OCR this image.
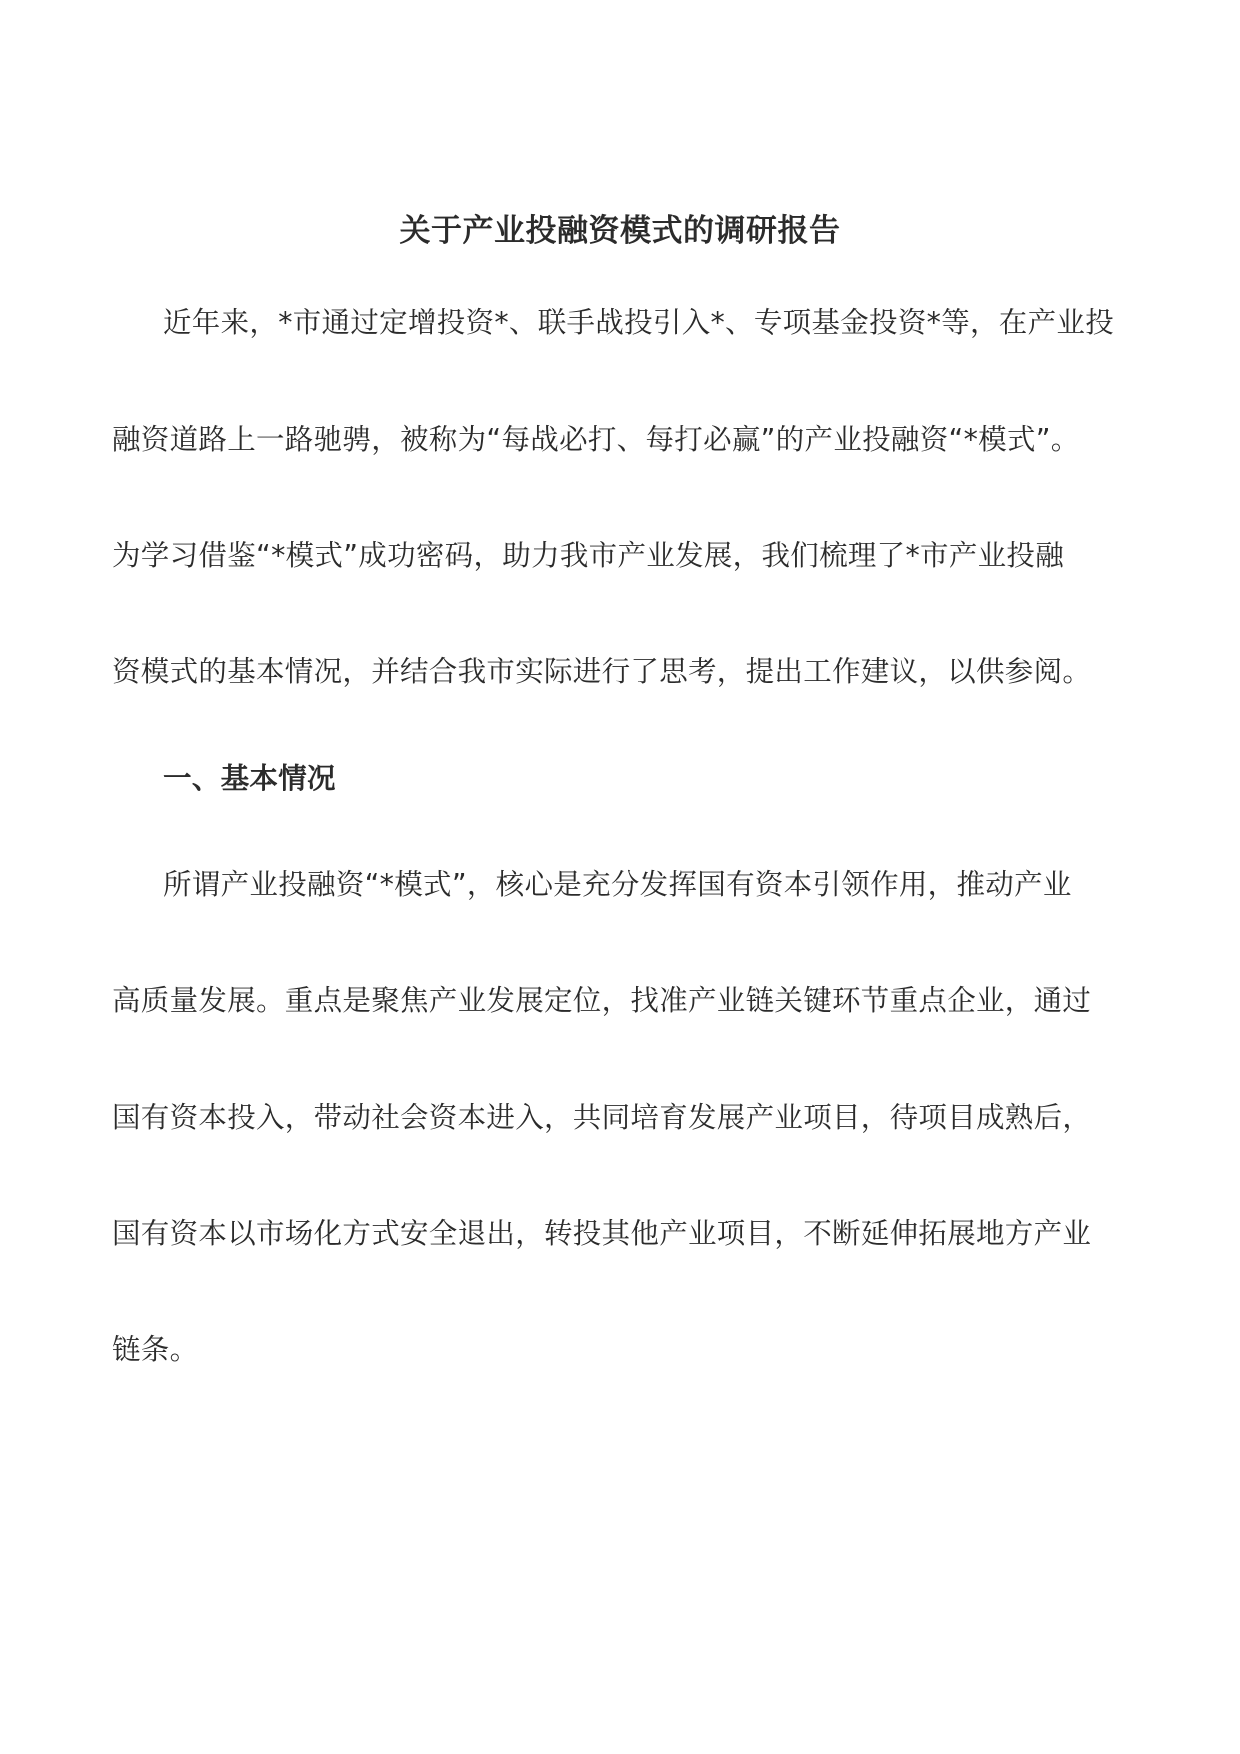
关于产业投融资模式的调研报告
近年来，*市通过定增投资*、联手战投引入*、专项基金投资*等，在产业投
融资道路上一路驰骋，被称为“每战必打、每打必赢”的产业投融资“*模式”。
为学习借鉴“*模式”成功密码，助力我市产业发展，我们梳理了*市产业投融
资模式的基本情况，并结合我市实际进行了思考，提出工作建议，以供参阅。
一、基本情况
所谓产业投融资“*模式”，核心是充分发挥国有资本引领作用，推动产业
高质量发展。重点是聚焦产业发展定位，找准产业链关键环节重点企业，通过
国有资本投入，带动社会资本进入，共同培育发展产业项目，待项目成熟后，
国有资本以市场化方式安全退出，转投其他产业项目，不断延伸拓展地方产业
链条。
